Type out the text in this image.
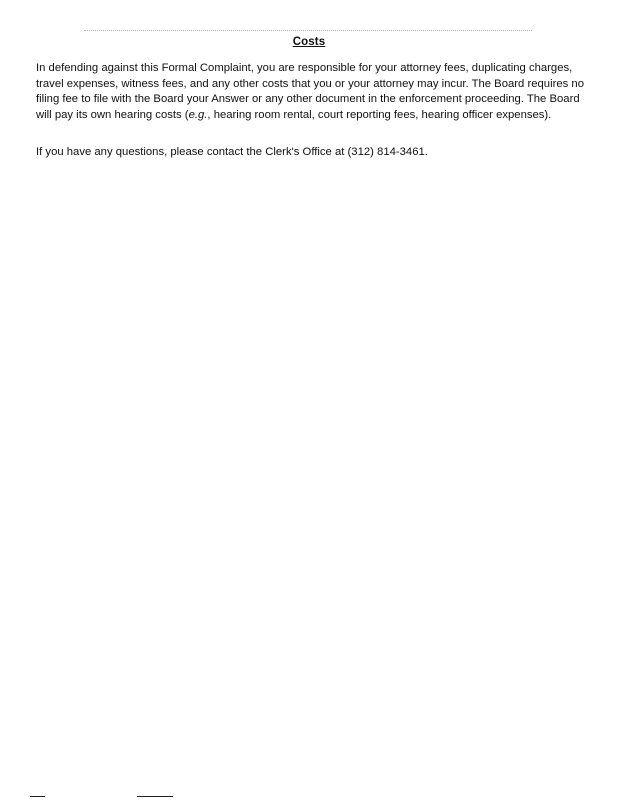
Costs

In defending against this Formal Complaint, you are responsible for your attorney fees, duplicating charges, travel expenses, witness fees, and any other costs that you or your attorney may incur. The Board requires no filing fee to file with the Board your Answer or any other document in the enforcement proceeding. The Board will pay its own hearing costs (e.g., hearing room rental, court reporting fees, hearing officer expenses).

If you have any questions, please contact the Clerk's Office at (312) 814-3461.
